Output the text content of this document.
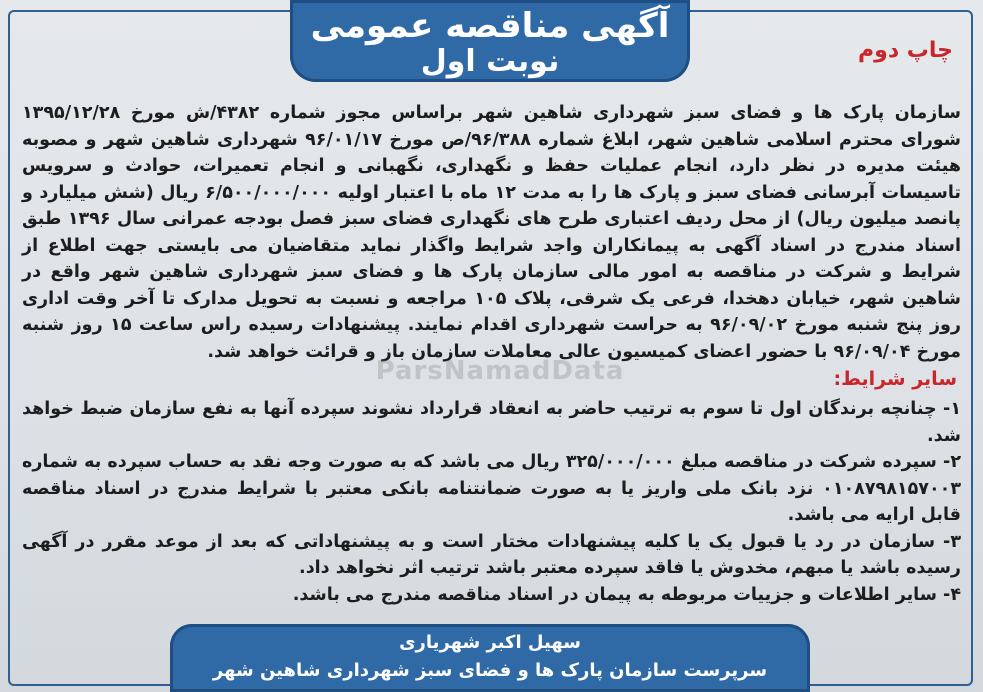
آگهی مناقصه عمومی
نوبت اول	چاپ دوم

سازمان پارک ها و فضای سبز شهرداری شاهین شهر براساس مجوز شماره ۴۳۸۲/ش مورخ ۱۳۹۵/۱۲/۲۸ شورای محترم اسلامی شاهین شهر، ابلاغ شماره ۹۶/۳۸۸/ص مورخ ۹۶/۰۱/۱۷ شهرداری شاهین شهر و مصوبه هیئت مدیره در نظر دارد، انجام عملیات حفظ و نگهداری، نگهبانی و انجام تعمیرات، حوادث و سرویس تاسیسات آبرسانی فضای سبز و پارک ها را به مدت ۱۲ ماه با اعتبار اولیه ۶/۵۰۰/۰۰۰/۰۰۰ ریال (شش میلیارد و پانصد میلیون ریال) از محل ردیف اعتباری طرح های نگهداری فضای سبز فصل بودجه عمرانی سال ۱۳۹۶ طبق اسناد مندرج در اسناد آگهی به پیمانکاران واجد شرایط واگذار نماید متقاضیان می بایستی جهت اطلاع از شرایط و شرکت در مناقصه به امور مالی سازمان پارک ها و فضای سبز شهرداری شاهین شهر واقع در شاهین شهر، خیابان دهخدا، فرعی یک شرقی، پلاک ۱۰۵ مراجعه و نسبت به تحویل مدارک تا آخر وقت اداری روز پنج شنبه مورخ ۹۶/۰۹/۰۲ به حراست شهرداری اقدام نمایند. پیشنهادات رسیده راس ساعت ۱۵ روز شنبه مورخ ۹۶/۰۹/۰۴ با حضور اعضای کمیسیون عالی معاملات سازمان باز و قرائت خواهد شد.

ParsNamadData	سایر شرایط:

۱- چنانچه برندگان اول تا سوم به ترتیب حاضر به انعقاد قرارداد نشوند سپرده آنها به نفع سازمان ضبط خواهد شد.

۲- سپرده شرکت در مناقصه مبلغ ۳۲۵/۰۰۰/۰۰۰ ریال می باشد که به صورت وجه نقد به حساب سپرده به شماره ۰۱۰۸۷۹۸۱۵۷۰۰۳ نزد بانک ملی واریز یا به صورت ضمانتنامه بانکی معتبر با شرایط مندرج در اسناد مناقصه قابل ارایه می باشد.

۳- سازمان در رد یا قبول یک یا کلیه پیشنهادات مختار است و به پیشنهاداتی که بعد از موعد مقرر در آگهی رسیده باشد یا مبهم، مخدوش یا فاقد سپرده معتبر باشد ترتیب اثر نخواهد داد.

۴- سایر اطلاعات و جزییات مربوطه به پیمان در اسناد مناقصه مندرج می باشد.

سهیل اکبر شهریاری
سرپرست سازمان پارک ها و فضای سبز شهرداری شاهین شهر
